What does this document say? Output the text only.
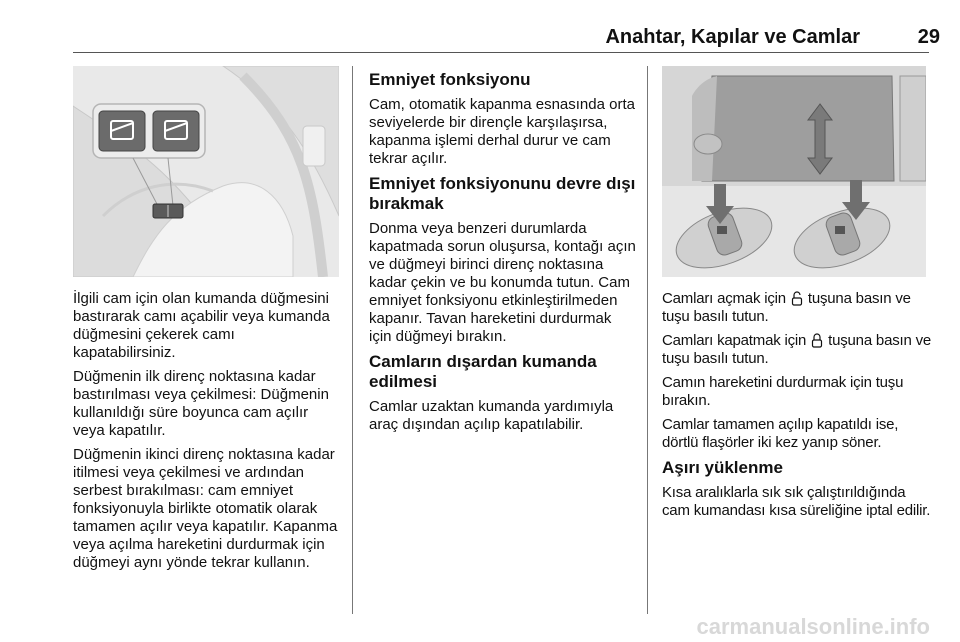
Anahtar, Kapılar ve Camlar	29

İlgili cam için olan kumanda düğmesini bastırarak camı açabilir veya kumanda düğmesini çekerek camı kapatabilirsiniz.

Düğmenin ilk direnç noktasına kadar bastırılması veya çekilmesi: Düğmenin kullanıldığı süre boyunca cam açılır veya kapatılır.

Düğmenin ikinci direnç noktasına kadar itilmesi veya çekilmesi ve ardından serbest bırakılması: cam emniyet fonksiyonuyla birlikte otomatik olarak tamamen açılır veya kapatılır. Kapanma veya açılma hareketini durdurmak için düğmeyi aynı yönde tekrar kullanın.

Emniyet fonksiyonu

Cam, otomatik kapanma esnasında orta seviyelerde bir dirençle karşılaşırsa, kapanma işlemi derhal durur ve cam tekrar açılır.

Emniyet fonksiyonunu devre dışı bırakmak

Donma veya benzeri durumlarda kapatmada sorun oluşursa, kontağı açın ve düğmeyi birinci direnç noktasına kadar çekin ve bu konumda tutun. Cam emniyet fonksiyonu etkinleştirilmeden kapanır. Tavan hareketini durdurmak için düğmeyi bırakın.

Camların dışardan kumanda edilmesi

Camlar uzaktan kumanda yardımıyla araç dışından açılıp kapatılabilir.

Camları açmak için tuşuna basın ve tuşu basılı tutun.

Camları kapatmak için tuşuna basın ve tuşu basılı tutun.

Camın hareketini durdurmak için tuşu bırakın.

Camlar tamamen açılıp kapatıldı ise, dörtlü flaşörler iki kez yanıp söner.

Aşırı yüklenme

Kısa aralıklarla sık sık çalıştırıldığında cam kumandası kısa süreliğine iptal edilir.

carmanualsonline.info
